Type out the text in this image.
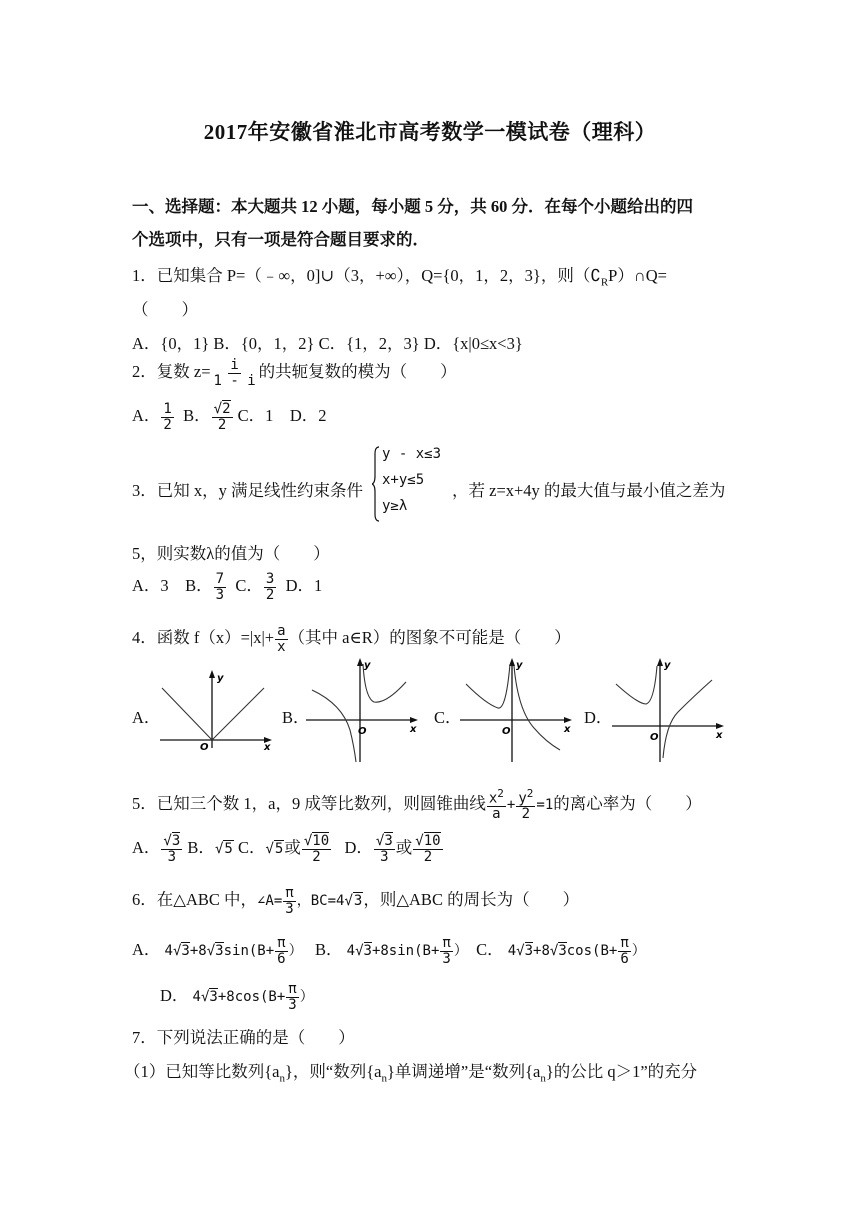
2017年安徽省淮北市高考数学一模试卷（理科）
一、选择题：本大题共 12 小题，每小题 5 分，共 60 分．在每个小题给出的四
个选项中，只有一项是符合题目要求的．
1．已知集合 P=（﹣∞，0]∪（3，+∞），Q={0，1，2，3}，则$(∁_RP)\cap Q=$
（　　）
A．{0，1} B．{0，1，2} C．{1，2，3} D．{x|0≤x<3}
2．复数 $z= \frac{i}{1 - i}$ 的共轭复数的模为（　　）
A． $\frac{1}{2}$ B． $\frac{√2}{2}$ C．1　D．2
3．已知 x，y 满足线性约束条件
y - x≤3
x+y≤5
y≥λ
，若 z=x+4y 的最大值与最小值之差为
5，则实数λ的值为（　　）
A．3　B． $\frac{7}{3}$ C． $\frac{3}{2}$ D．1
4．函数 $f(x)=|x|+ \frac{a}{x}$ （其中 a∈R）的图象不可能是（　　）
A．
y
x
O
B．
y
x
O
C．
y
x
O
D．
y
x
O
5．已知三个数 1，a，9 成等比数列，则圆锥曲线 $\frac{x^2}{a} + \frac{y^2}{2} =1$的离心率为（　　）
A． $\frac{√3}{3}$ B．√5 C．√5或 $\frac{√10}{2}$ D． $\frac{√3}{3}$ 或 $\frac{√10}{2}$
6．在△ABC 中，∠A= $\frac{\pi}{3}$ ，BC=4√3，则△ABC 的周长为（　　）
A． $4√3+8√3\sin(B+ \frac{\pi}{6}$ ） B． $4√3+8\sin(B+ \frac{\pi}{3}$ ） C． $4√3+8√3\cos(B+ \frac{\pi}{6}$ ）
D． $4√3+8\cos(B+ \frac{\pi}{3}$ ）
7．下列说法正确的是（　　）
（1）已知等比数列$\{a_n\}$，则“数列$\{a_n\}$单调递增”是“数列$\{a_n\}$的公比 q＞1”的充分
